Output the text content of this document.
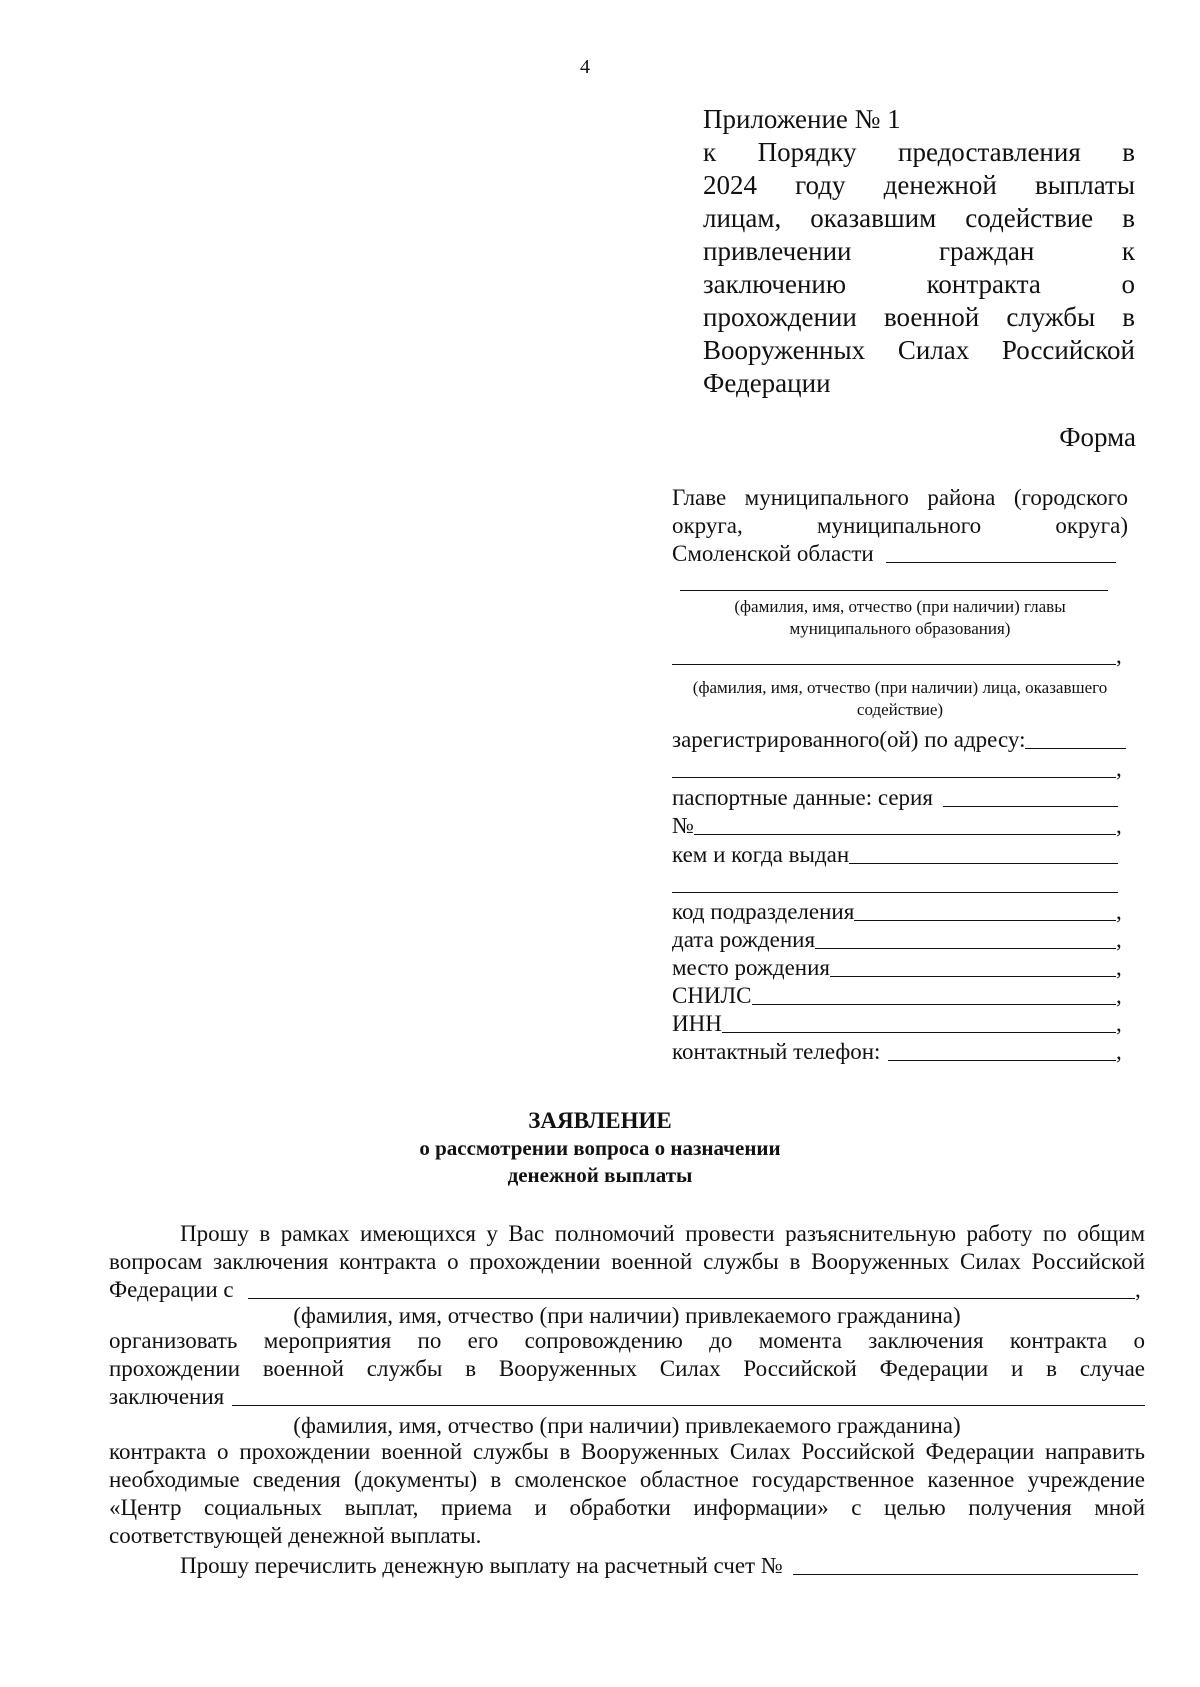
4
Приложение № 1
к Порядку предоставления в
2024 году денежной выплаты
лицам, оказавшим содействие в
привлечении граждан к
заключению контракта о
прохождении военной службы в
Вооруженных Силах Российской
Федерации
Форма
Главе муниципального района (городского
округа, муниципального округа)
Смоленской области
(фамилия, имя, отчество (при наличии) главы муниципального образования)
,
(фамилия, имя, отчество (при наличии) лица, оказавшего содействие)
зарегистрированного(ой) по адресу:
,
паспортные данные: серия
№	,
кем и когда выдан
код подразделения	,
дата рождения	,
место рождения	,
СНИЛС	,
ИНН	,
контактный телефон:	,
ЗАЯВЛЕНИЕ
о рассмотрении вопроса о назначении
денежной выплаты
Прошу в рамках имеющихся у Вас полномочий провести разъяснительную работу по общим
вопросам заключения контракта о прохождении военной службы в Вооруженных Силах Российской
Федерации с	,
(фамилия, имя, отчество (при наличии) привлекаемого гражданина)
организовать мероприятия по его сопровождению до момента заключения контракта о
прохождении военной службы в Вооруженных Силах Российской Федерации и в случае
заключения
(фамилия, имя, отчество (при наличии) привлекаемого гражданина)
контракта о прохождении военной службы в Вооруженных Силах Российской Федерации направить
необходимые сведения (документы) в смоленское областное государственное казенное учреждение
«Центр социальных выплат, приема и обработки информации» с целью получения мной
соответствующей денежной выплаты.
Прошу перечислить денежную выплату на расчетный счет №
